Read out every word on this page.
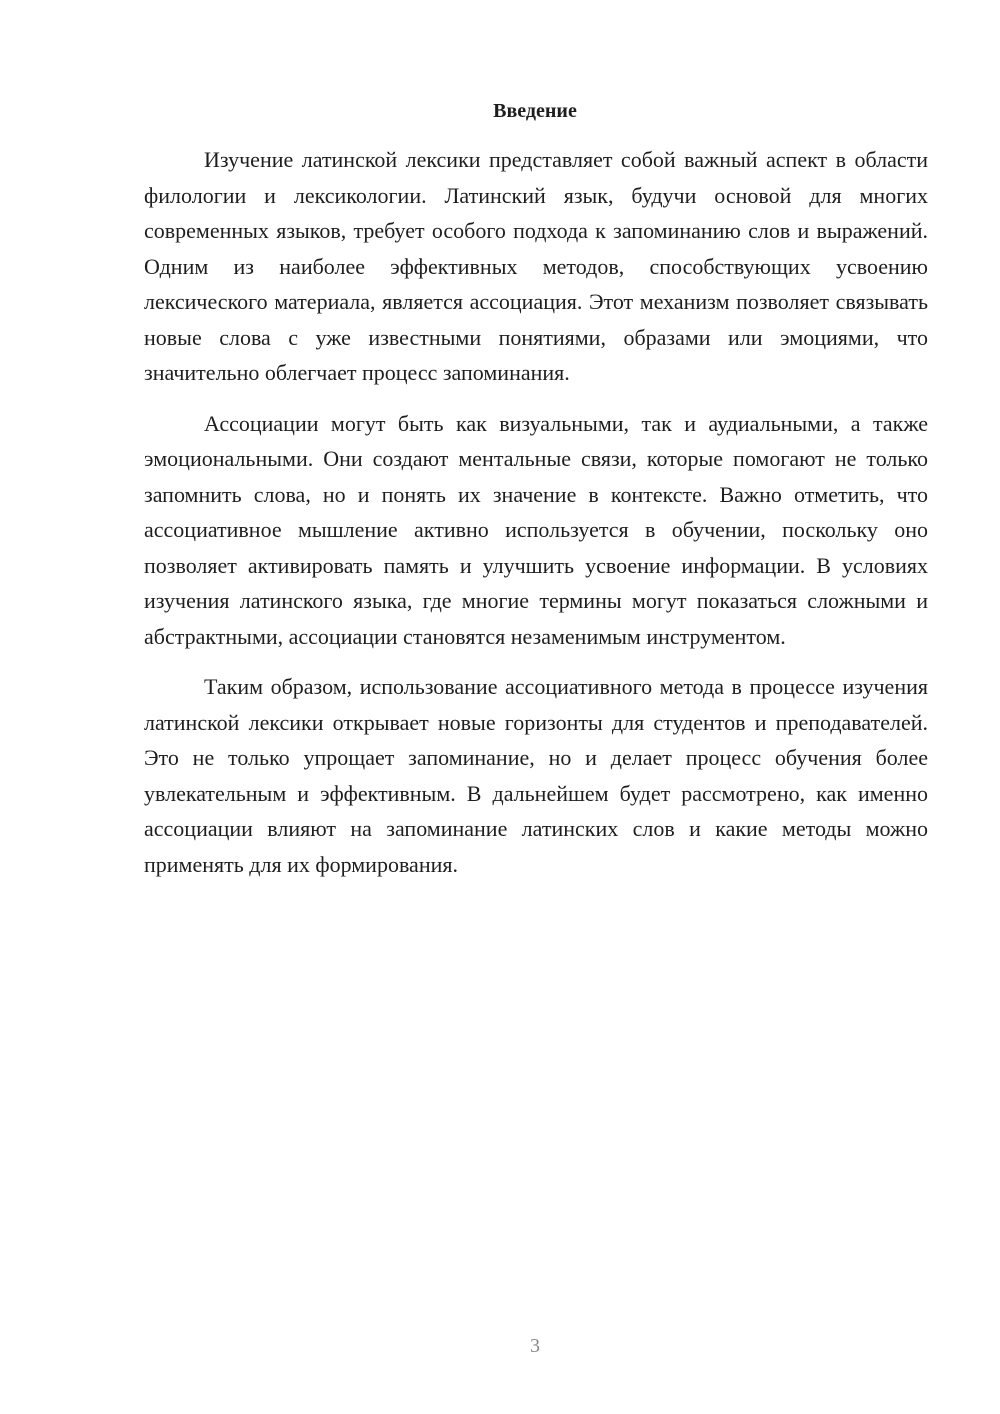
Введение

Изучение латинской лексики представляет собой важный аспект в области филологии и лексикологии. Латинский язык, будучи основой для многих современных языков, требует особого подхода к запоминанию слов и выражений. Одним из наиболее эффективных методов, способствующих усвоению лексического материала, является ассоциация. Этот механизм позволяет связывать новые слова с уже известными понятиями, образами или эмоциями, что значительно облегчает процесс запоминания.

Ассоциации могут быть как визуальными, так и аудиальными, а также эмоциональными. Они создают ментальные связи, которые помогают не только запомнить слова, но и понять их значение в контексте. Важно отметить, что ассоциативное мышление активно используется в обучении, поскольку оно позволяет активировать память и улучшить усвоение информации. В условиях изучения латинского языка, где многие термины могут показаться сложными и абстрактными, ассоциации становятся незаменимым инструментом.

Таким образом, использование ассоциативного метода в процессе изучения латинской лексики открывает новые горизонты для студентов и преподавателей. Это не только упрощает запоминание, но и делает процесс обучения более увлекательным и эффективным. В дальнейшем будет рассмотрено, как именно ассоциации влияют на запоминание латинских слов и какие методы можно применять для их формирования.

3
